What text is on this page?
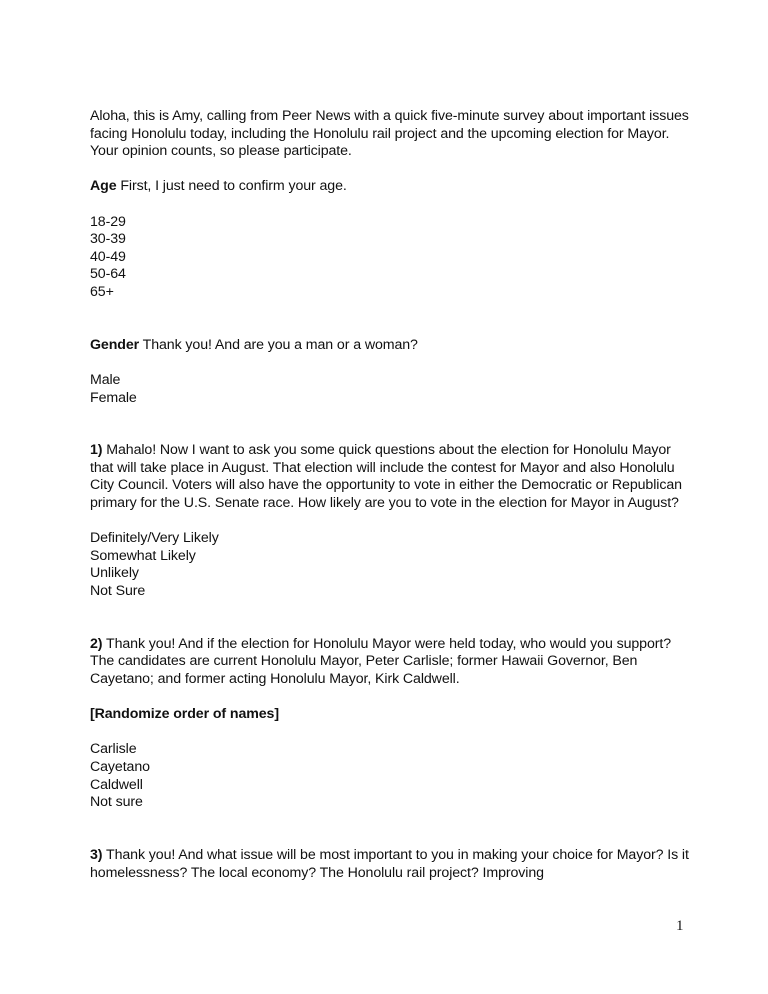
Aloha, this is Amy, calling from Peer News with a quick five-minute survey about important issues facing Honolulu today, including the Honolulu rail project and the upcoming election for Mayor. Your opinion counts, so please participate.

Age First, I just need to confirm your age.

18-29
30-39
40-49
50-64
65+

Gender Thank you! And are you a man or a woman?

Male
Female

1) Mahalo! Now I want to ask you some quick questions about the election for Honolulu Mayor that will take place in August. That election will include the contest for Mayor and also Honolulu City Council. Voters will also have the opportunity to vote in either the Democratic or Republican primary for the U.S. Senate race. How likely are you to vote in the election for Mayor in August?

Definitely/Very Likely
Somewhat Likely
Unlikely
Not Sure

2) Thank you! And if the election for Honolulu Mayor were held today, who would you support? The candidates are current Honolulu Mayor, Peter Carlisle; former Hawaii Governor, Ben Cayetano; and former acting Honolulu Mayor, Kirk Caldwell.

[Randomize order of names]

Carlisle
Cayetano
Caldwell
Not sure

3) Thank you! And what issue will be most important to you in making your choice for Mayor? Is it homelessness? The local economy? The Honolulu rail project? Improving

1
